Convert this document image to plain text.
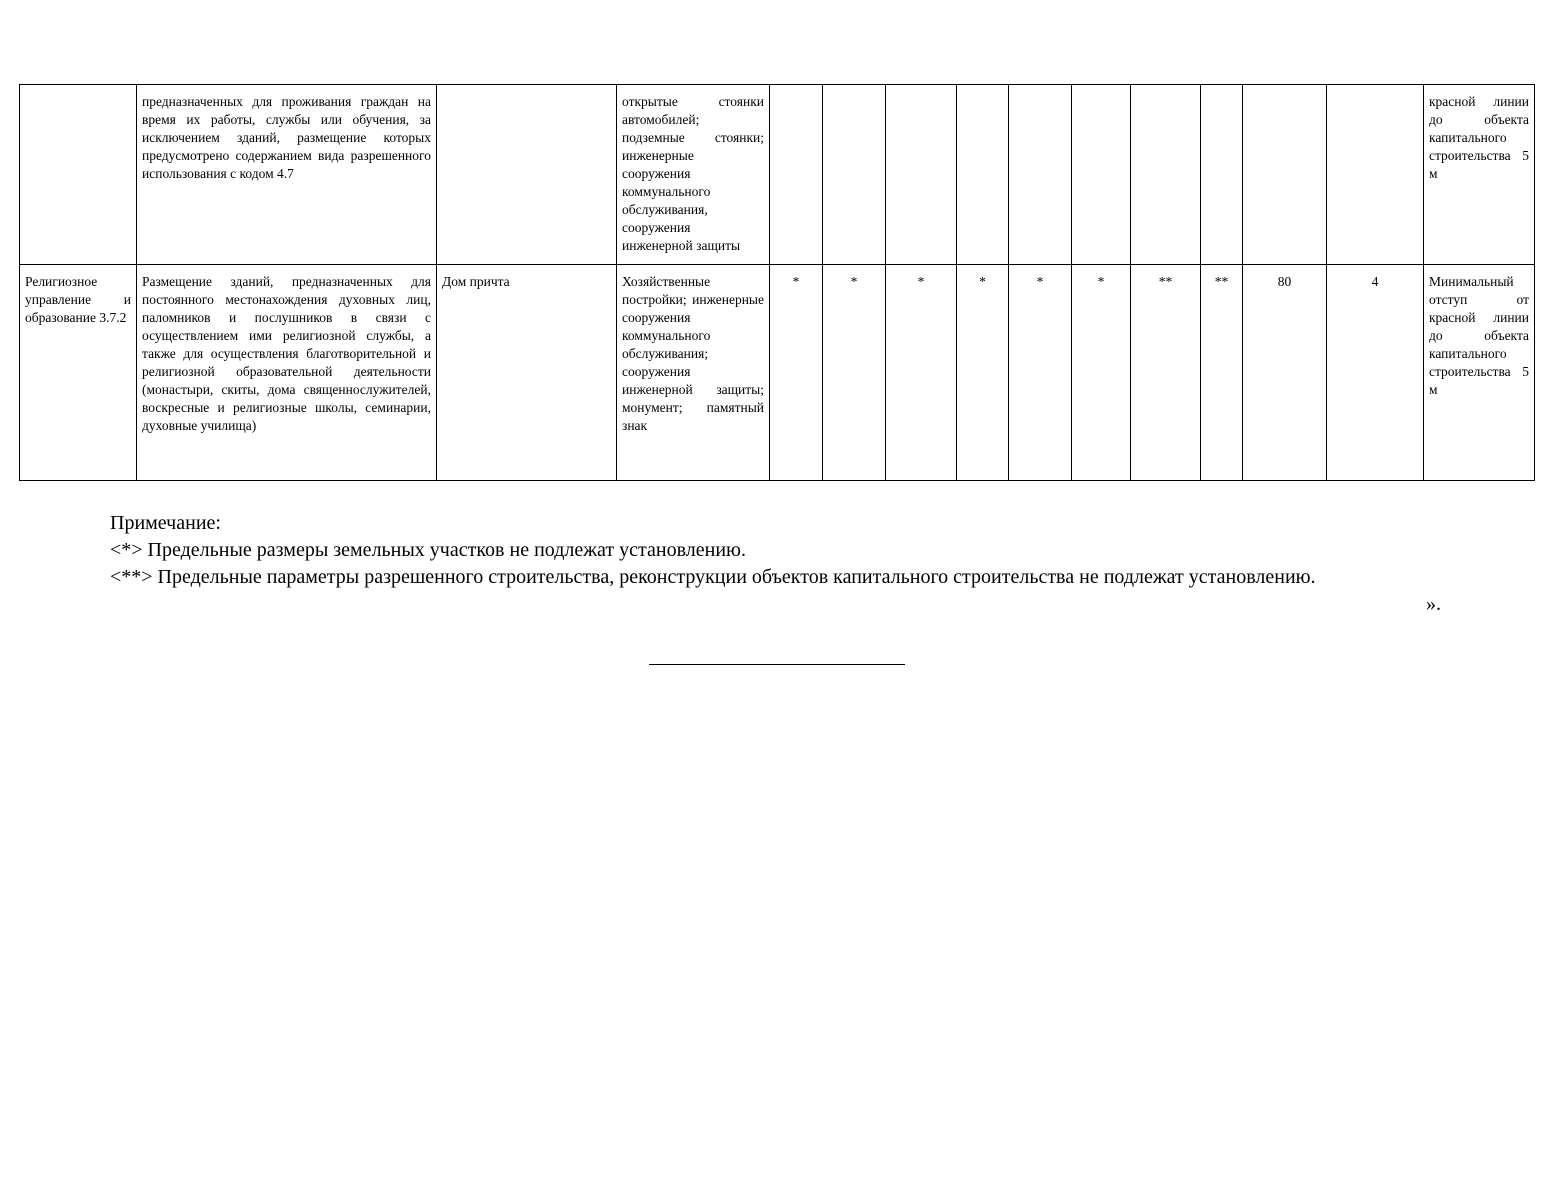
	предназначенных для проживания граждан на время их работы, службы или обучения, за исключением зданий, размещение которых предусмотрено содержанием вида разрешенного использования с кодом 4.7		открытые стоянки автомобилей; подземные стоянки; инженерные сооружения коммунального обслуживания, сооружения инженерной защиты											красной линии до объекта капитального строительства 5 м
Религиозное управление и образование 3.7.2	Размещение зданий, предназначенных для постоянного местонахождения духовных лиц, паломников и послушников в связи с осуществлением ими религиозной службы, а также для осуществления благотворительной и религиозной образовательной деятельности (монастыри, скиты, дома священнослужителей, воскресные и религиозные школы, семинарии, духовные училища)	Дом причта	Хозяйственные постройки; инженерные сооружения коммунального обслуживания; сооружения инженерной защиты; монумент; памятный знак	*	*	*	*	*	*	**	**	80	4	Минимальный отступ от красной линии до объекта капитального строительства 5 м

Примечание:

<*> Предельные размеры земельных участков не подлежат установлению.

<**> Предельные параметры разрешенного строительства, реконструкции объектов капитального строительства не подлежат установлению.

».
